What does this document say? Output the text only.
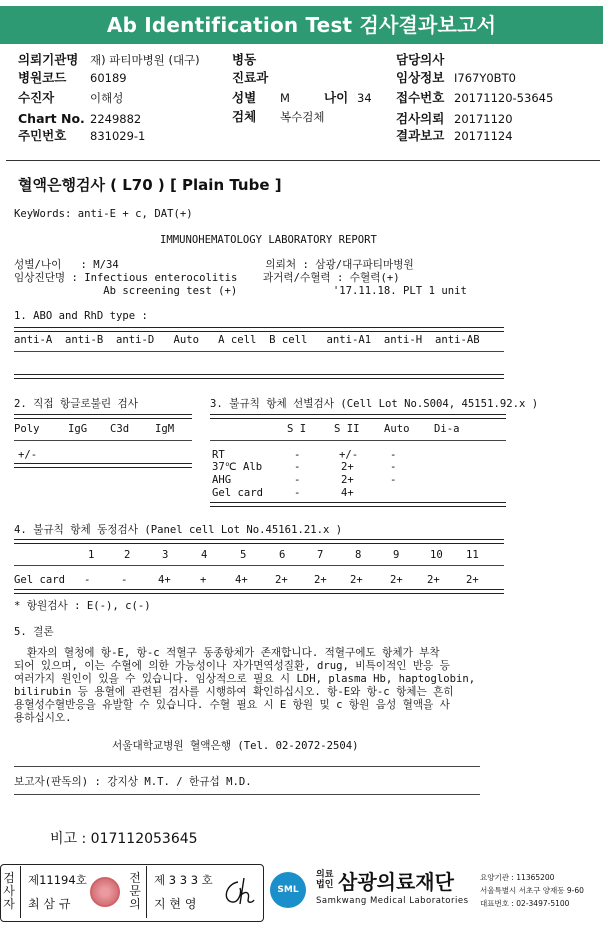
Ab Identification Test 검사결과보고서
의뢰기관명 재) 파티마병원 (대구)
병원코드 60189
수진자	이해성
Chart No. 2249882
주민번호 831029-1
병동
진료과
성별 M	나이 34
검체 복수검체
담당의사
임상정보 I767Y0BT0
접수번호 20171120-53645
검사의뢰 20171120
결과보고 20171124
혈액은행검사 ( L70 ) [ Plain Tube ]
KeyWords: anti-E + c, DAT(+)
IMMUNOHEMATOLOGY LABORATORY REPORT
성별/나이   : M/34                       의뢰처 : 삼광/대구파티마병원
임상진단명 : Infectious enterocolitis    과거력/수혈력 : 수혈력(+)
Ab screening test (+)               '17.11.18. PLT 1 unit
1. ABO and RhD type :
anti-A  anti-B  anti-D   Auto   A cell  B cell   anti-A1  anti-H  anti-AB
2. 직접 항글로불린 검사
Poly	IgG C3d IgM
+/-
3. 불규칙 항체 선별검사 (Cell Lot No.S004, 45151.92.x )
S I	S II Auto Di-a
RT	-	+/-	-
37℃ Alb	-	2+	-
AHG	-	2+	-
Gel card	-	4+
4. 불규칙 항체 동정검사 (Panel cell Lot No.45161.21.x )
1	2	3	4	5	6	7	8	9	10 11
Gel card -	-	4+	+	4+	2+ 2+ 2+	2+ 2+ 2+
* 항원검사 : E(-), c(-)
5. 결론
환자의 혈청에 항-E, 항-c 적혈구 동종항체가 존재합니다. 적혈구에도 항체가 부착
되어 있으며, 이는 수혈에 의한 가능성이나 자가면역성질환, drug, 비특이적인 반응 등
여러가지 원인이 있을 수 있습니다. 임상적으로 필요 시 LDH, plasma Hb, haptoglobin,
bilirubin 등 용혈에 관련된 검사를 시행하여 확인하십시오. 항-E와 항-c 항체는 흔히
용혈성수혈반응을 유발할 수 있습니다. 수혈 필요 시 E 항원 및 c 항원 음성 혈액을 사
용하십시오.
서울대학교병원 혈액은행 (Tel. 02-2072-2504)
보고자(판독의) : 강지상 M.T. / 한규섭 M.D.
비고 : 017112053645
검사자
제11194호
최 삼 규
전문의
제 3 3 3 호
지 현 영
SML
의료법인 삼광의료재단
Samkwang Medical Laboratories
요양기관 : 11365200
서울특별시 서초구 양재동 9-60
대표번호 : 02-3497-5100
